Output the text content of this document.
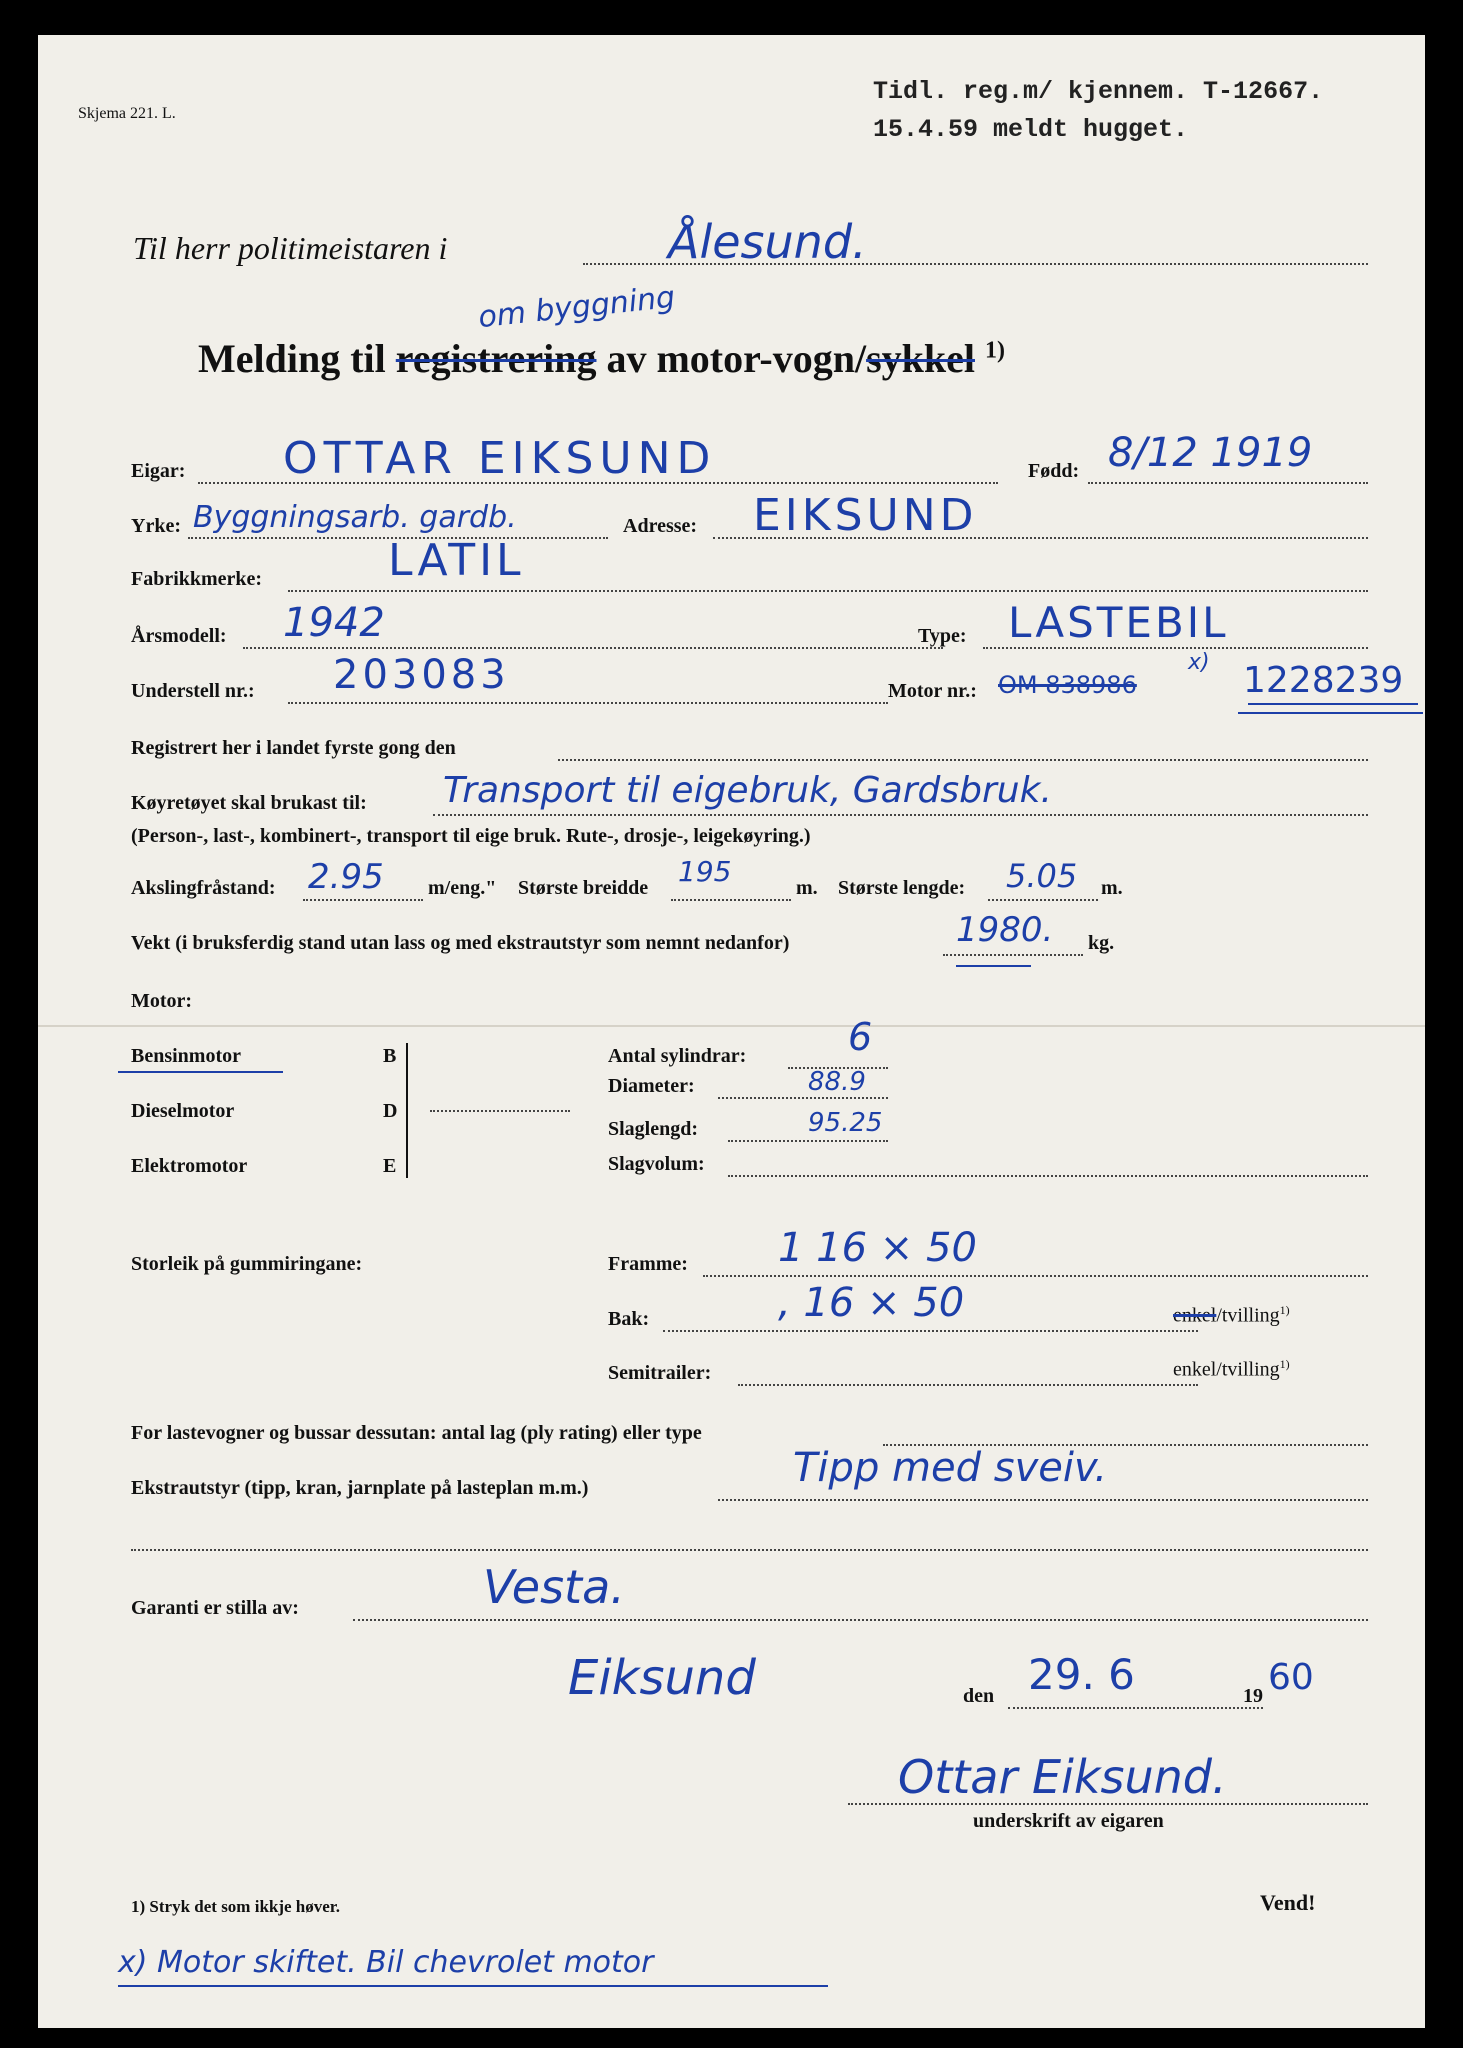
Skjema 221. L.
Tidl. reg.m/ kjennem. T-12667.
15.4.59 meldt hugget.
Til herr politimeistaren i	Ålesund.
om byggning
Melding til registrering av motor-vogn/sykkel $^{1)}$
Eigar: OTTAR EIKSUND	Fødd: 8/12 1919
Yrke: Byggningsarb. gardb.	Adresse: EIKSUND
Fabrikkmerke:	LATIL
Årsmodell: 1942	Type: LASTEBIL
Understell nr.: 203083	Motor nr.: OM 838986
x) 1228239
Registrert her i landet fyrste gong den
Køyretøyet skal brukast til: Transport til eigebruk, Gardsbruk.
(Person-, last-, kombinert-, transport til eige bruk. Rute-, drosje-, leigekøyring.)
Akslingfråstand: 2.95 m/eng." Største breidde 195	m. Største lengde: 5.05 m.
Vekt (i bruksferdig stand utan lass og med ekstrautstyr som nemnt nedanfor)	1980. kg.
Motor:
Bensinmotor	B
Dieselmotor	D
Elektromotor	E
Antal sylindrar:	6
Diameter:	88.9
Slaglengd:	95.25
Slagvolum:
Storleik på gummiringane:	Framme: 1 16 × 50
Bak:	, 16 × 50	enkel/tvilling$^{1)}$
Semitrailer:	enkel/tvilling$^{1)}$
For lastevogner og bussar dessutan: antal lag (ply rating) eller type
Ekstrautstyr (tipp, kran, jarnplate på lasteplan m.m.)	Tipp med sveiv.
Garanti er stilla av:	Vesta.
Eiksund	den 29. 6	19 60
Ottar Eiksund.
underskrift av eigaren
1) Stryk det som ikkje høver.	Vend!
x) Motor skiftet. Bil chevrolet motor
